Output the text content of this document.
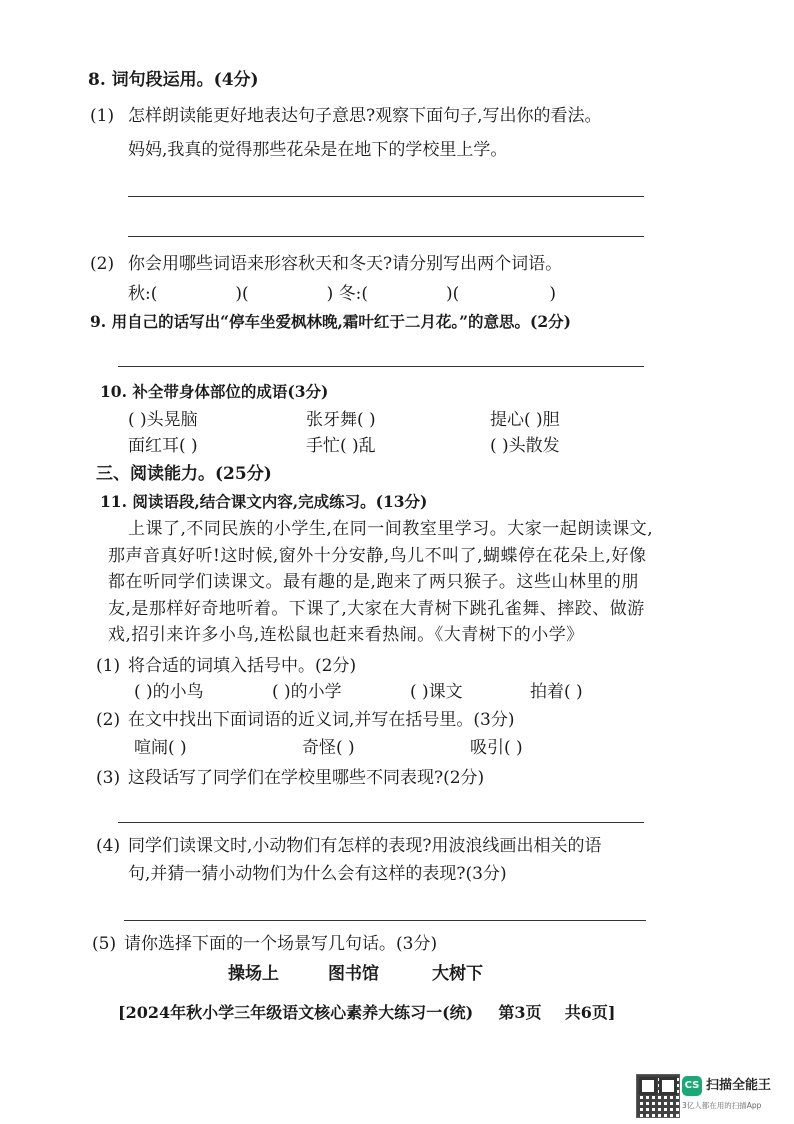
8. 词句段运用。(4分)
(1) 怎样朗读能更好地表达句子意思?观察下面句子,写出你的看法。
妈妈,我真的觉得那些花朵是在地下的学校里上学。
(2) 你会用哪些词语来形容秋天和冬天?请分别写出两个词语。
秋:(	)(	) 冬:(	)(	)
9. 用自己的话写出“停车坐爱枫林晚,霜叶红于二月花。”的意思。(2分)
10. 补全带身体部位的成语(3分)
( )头晃脑	张牙舞( )	提心( )胆
面红耳( )	手忙( )乱	( )头散发
三、阅读能力。(25分)
11. 阅读语段,结合课文内容,完成练习。(13分)
上课了,不同民族的小学生,在同一间教室里学习。大家一起朗读课文,那声音真好听!这时候,窗外十分安静,鸟儿不叫了,蝴蝶停在花朵上,好像都在听同学们读课文。最有趣的是,跑来了两只猴子。这些山林里的朋友,是那样好奇地听着。下课了,大家在大青树下跳孔雀舞、摔跤、做游戏,招引来许多小鸟,连松鼠也赶来看热闹。《大青树下的小学》
(1) 将合适的词填入括号中。(2分)
( )的小鸟	( )的小学	( )课文	拍着( )
(2) 在文中找出下面词语的近义词,并写在括号里。(3分)
喧闹( )	奇怪( )	吸引( )
(3) 这段话写了同学们在学校里哪些不同表现?(2分)
(4) 同学们读课文时,小动物们有怎样的表现?用波浪线画出相关的语
句,并猜一猜小动物们为什么会有这样的表现?(3分)
(5) 请你选择下面的一个场景写几句话。(3分)
操场上	图书馆	大树下
[2024年秋小学三年级语文核心素养大练习一(统) 第3页 共6页]
CS 扫描全能王
3亿人都在用的扫描App
